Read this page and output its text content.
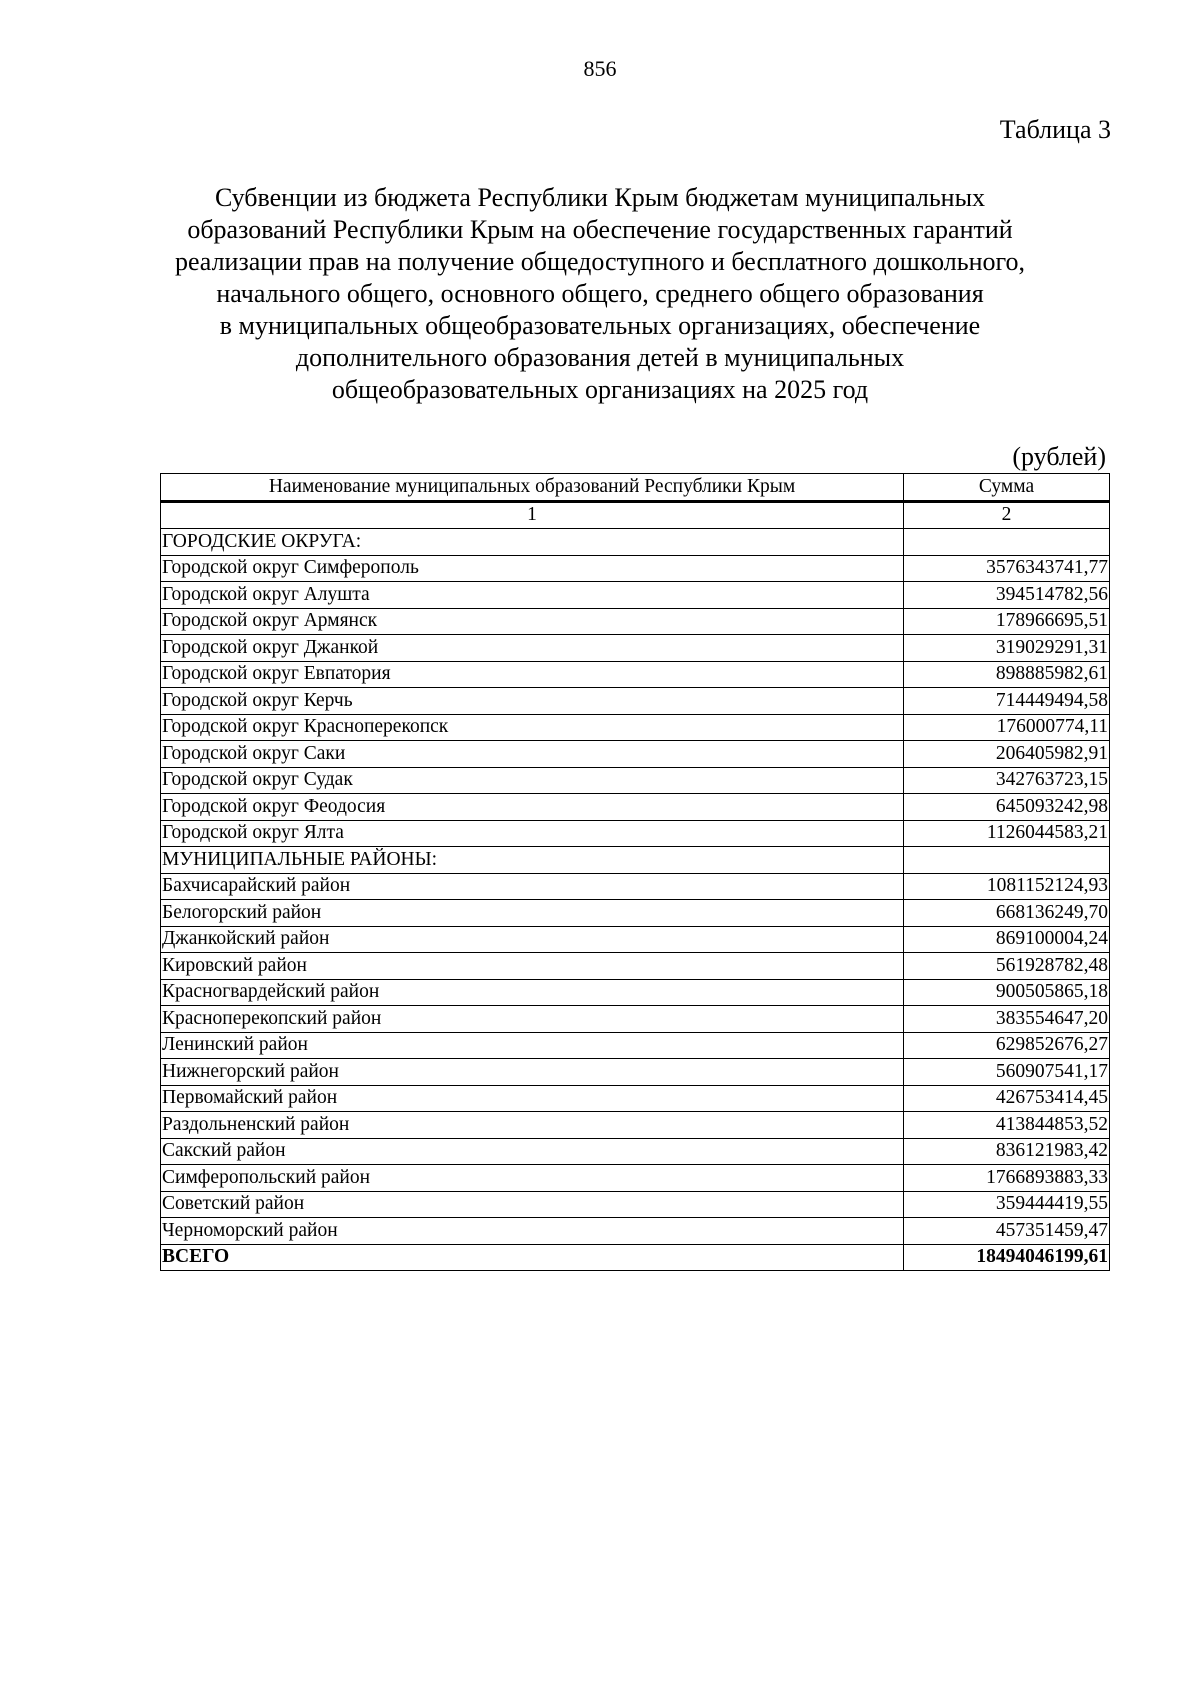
856
Таблица 3
Субвенции из бюджета Республики Крым бюджетам муниципальных
образований Республики Крым на обеспечение государственных гарантий
реализации прав на получение общедоступного и бесплатного дошкольного,
начального общего, основного общего, среднего общего образования
в муниципальных общеобразовательных организациях, обеспечение
дополнительного образования детей в муниципальных
общеобразовательных организациях на 2025 год
(рублей)
Наименование муниципальных образований Республики Крым	Сумма
1	2
ГОРОДСКИЕ ОКРУГА:	
Городской округ Симферополь	3576343741,77
Городской округ Алушта	394514782,56
Городской округ Армянск	178966695,51
Городской округ Джанкой	319029291,31
Городской округ Евпатория	898885982,61
Городской округ Керчь	714449494,58
Городской округ Красноперекопск	176000774,11
Городской округ Саки	206405982,91
Городской округ Судак	342763723,15
Городской округ Феодосия	645093242,98
Городской округ Ялта	1126044583,21
МУНИЦИПАЛЬНЫЕ РАЙОНЫ:	
Бахчисарайский район	1081152124,93
Белогорский район	668136249,70
Джанкойский район	869100004,24
Кировский район	561928782,48
Красногвардейский район	900505865,18
Красноперекопский район	383554647,20
Ленинский район	629852676,27
Нижнегорский район	560907541,17
Первомайский район	426753414,45
Раздольненский район	413844853,52
Сакский район	836121983,42
Симферопольский район	1766893883,33
Советский район	359444419,55
Черноморский район	457351459,47
ВСЕГО	18494046199,61
